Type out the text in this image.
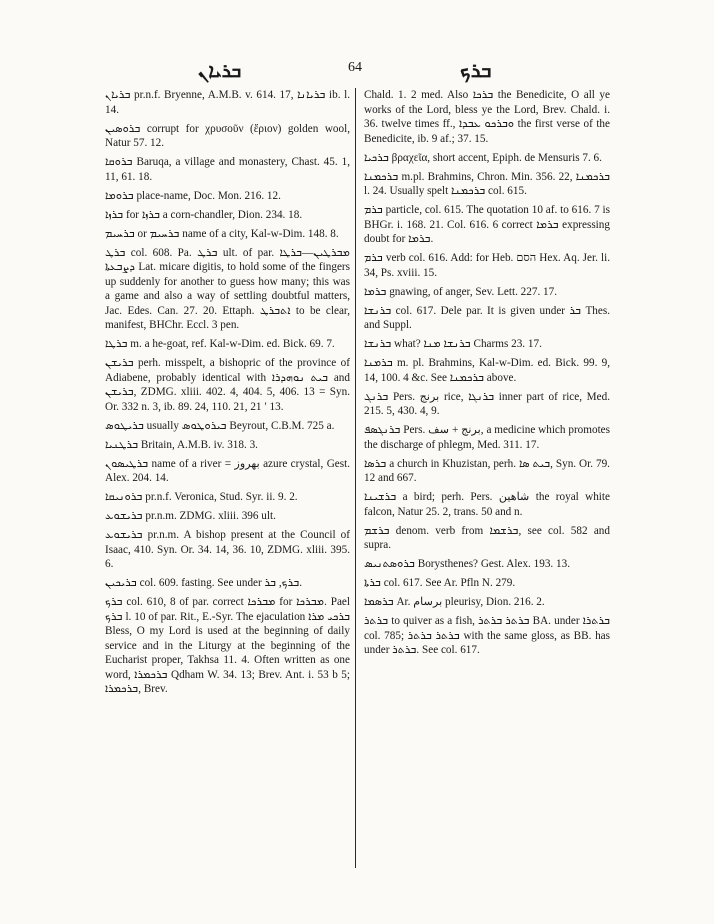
ܒܪܝܐܢ	64	ܒܪܟ

ܒܪܝܐܢ pr.n.f. Bryenne, A.M.B. v. 614. 17, ܒܪܝܐܢܐ ib. l. 14.

ܒܪܘܣܝܢ corrupt for χρυσοῦν (ἔριον) golden wool, Natur 57. 12.

ܒܪܘܩܐ Baruqa, a village and monastery, Chast. 45. 1, 11, 61. 18.

ܒܪܘܡܐ place-name, Doc. Mon. 216. 12.

ܒܪܙܐ for ܒܪܙܐ a corn-chandler, Dion. 234. 18.

ܒܪܚܝܡ or ܒܪܚܝܡ name of a city, Kal-w-Dim. 148. 8.

ܒܪܛ col. 608. Pa. ܒܪܛ ult. of par. ܡܒܪܛܝܢ—ܒܪܛܐ ܕܨܒܥܬܐ Lat. micare digitis, to hold some of the fingers up suddenly for another to guess how many; this was a game and also a way of settling doubtful matters, Jac. Edes. Can. 27. 20. Ettaph. ܐܬܒܪܛ to be clear, manifest, BHChr. Eccl. 3 pen.

ܒܪܛܐ m. a he-goat, ref. Kal-w-Dim. ed. Bick. 69. 7.

ܒܪܝܫܢ perh. misspelt, a bishopric of the province of Adiabene, probably identical with ܒܝܬ ܢܘܗܕܪܐ and ܒܪܝܫܢ, ZDMG. xliii. 402. 4, 404. 5, 406. 13 = Syn. Or. 332 n. 3, ib. 89. 24, 110. 21, 21 ′ 13.

ܒܪܝܛܘܣ usually ܒܝܪܘܛܘܣ Beyrout, C.B.M. 725 a.

ܒܪܛܢܝܐ Britain, A.M.B. iv. 318. 3.

ܒܪܛܝܣܘܢ name of a river = بهروز azure crystal, Gest. Alex. 204. 14.

ܒܪܘܢܝܩܐ pr.n.f. Veronica, Stud. Syr. ii. 9. 2.

ܒܪܝܫܘܥ pr.n.m. ZDMG. xliii. 396 ult.

ܒܪܝܫܘܥ pr.n.m. A bishop present at the Council of Isaac, 410. Syn. Or. 34. 14, 36. 10, ZDMG. xliii. 395. 6.

ܒܪܝܟܝܢ col. 609. fasting. See under ܒܪܟ, ܒܪ.

ܒܪܟ col. 610, 8 of par. correct ܡܒܪܟܐ for ܡܒܪܟܐ. Pael ܒܪܟ l. 10 of par. Rit., E.-Syr. The ejaculation ܒܪܟܝ ܡܪܐ Bless, O my Lord is used at the beginning of daily service and in the Liturgy at the beginning of the Eucharist proper, Takhsa 11. 4. Often written as one word, ܒܪܟܡܪܐ Qdham W. 34. 13; Brev. Ant. i. 53 b 5; ܒܪܟܡܪܐ, Brev.

Chald. 1. 2 med. Also ܒܪܟܐ the Benedicite, O all ye works of the Lord, bless ye the Lord, Brev. Chald. i. 36. twelve times ff., ܘܒܪܟܘ ܥܒܕܐ the first verse of the Benedicite, ib. 9 af.; 37. 15.

ܒܪܟܝܐ βραχεῖα, short accent, Epiph. de Mensuris 7. 6.

ܒܪܟܡܢܐ m.pl. Brahmins, Chron. Min. 356. 22, ܒܪܟܡܢܐ l. 24. Usually spelt ܒܪܟܡܢܐ col. 615.

ܒܪܡ particle, col. 615. The quotation 10 af. to 616. 7 is BHGr. i. 168. 21. Col. 616. 6 correct ܒܪܡܐ expressing doubt for ܒܪܡܐ.

ܒܪܡ verb col. 616. Add: for Heb. הסם Hex. Aq. Jer. li. 34, Ps. xviii. 15.

ܒܪܡܐ gnawing, of anger, Sev. Lett. 227. 17.

ܒܪܢܫܐ col. 617. Dele par. It is given under ܒܪ Thes. and Suppl.

ܒܪܢܫܐ what? ܒܪܢܫܐ ܡܢܐ Charms 23. 17.

ܒܪܡܢܐ m. pl. Brahmins, Kal-w-Dim. ed. Bick. 99. 9, 14, 100. 4 &c. See ܒܪܟܡܢܐ above.

ܒܪܢܓ Pers. برنج rice, ܒܪܢܓܐ inner part of rice, Med. 215. 5, 430. 4, 9.

ܒܪܢܓܣܦ Pers. برنج + سف, a medicine which promotes the discharge of phlegm, Med. 311. 17.

ܒܪܣܐ a church in Khuzistan, perh. ܒܝܬ ܣܐ, Syn. Or. 79. 12 and 667.

ܒܪܫܝܢܐ a bird; perh. Pers. شاهین the royal white falcon, Natur 25. 2, trans. 50 and n.

ܒܪܫܡ denom. verb from ܒܪܫܡܐ, see col. 582 and supra.

ܒܪܘܣܬܢܝܣ Borysthenes? Gest. Alex. 193. 13.

ܒܪܬܐ col. 617. See Ar. Pfln N. 279.

ܒܪܣܡܐ Ar. برسام pleurisy, Dion. 216. 2.

ܒܪܬܪ to quiver as a fish, ܒܪܬܪ ܒܪܬܪ BA. under ܒܪܬܪܐ col. 785; ܒܪܬܪ ܒܪܬܪ with the same gloss, as BB. has under ܒܪܬܪ. See col. 617.
